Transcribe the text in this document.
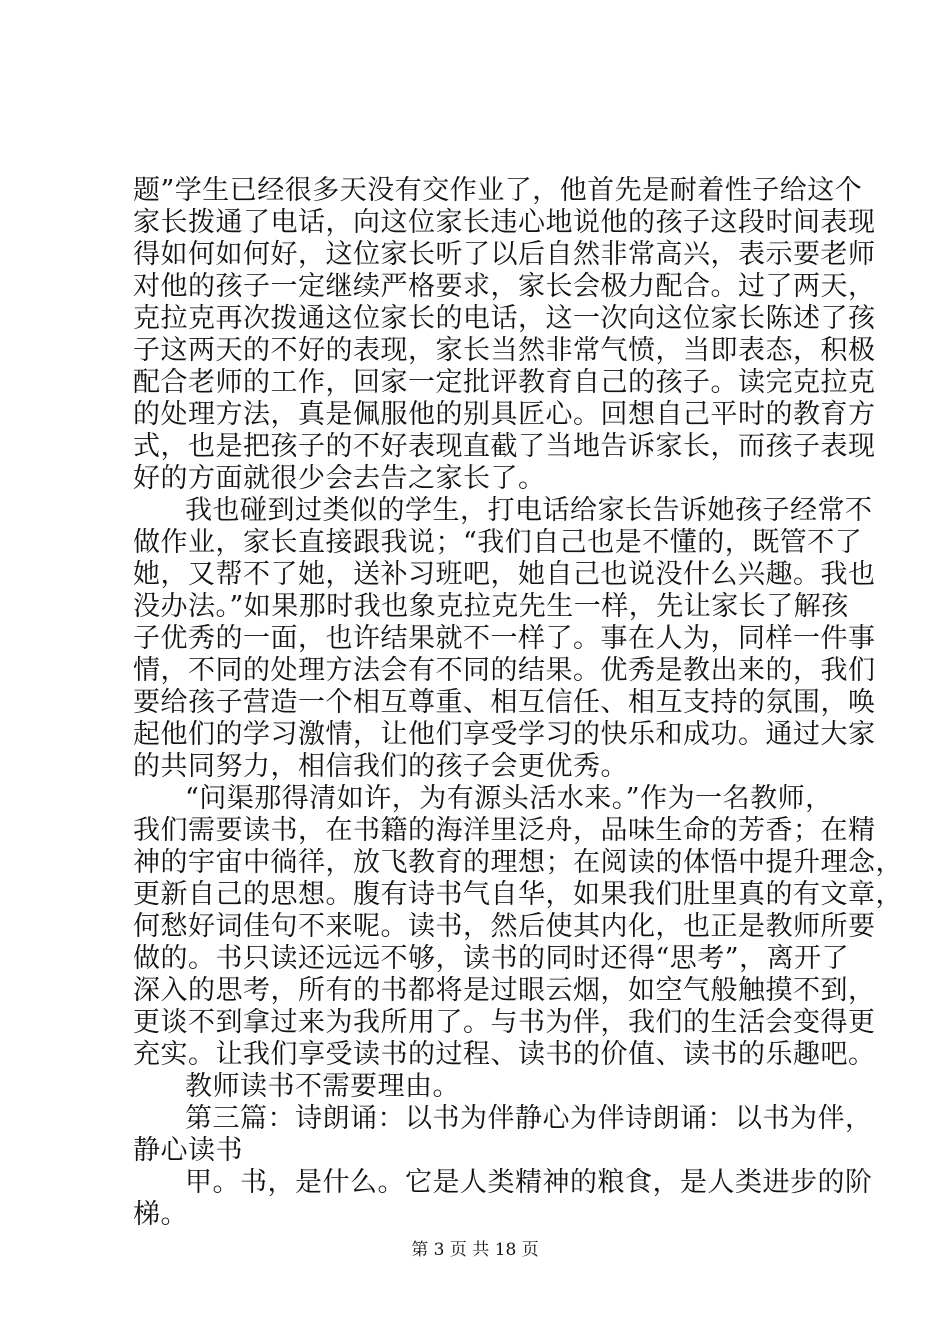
题”学生已经很多天没有交作业了，他首先是耐着性子给这个
家长拨通了电话，向这位家长违心地说他的孩子这段时间表现
得如何如何好，这位家长听了以后自然非常高兴，表示要老师
对他的孩子一定继续严格要求，家长会极力配合。过了两天，
克拉克再次拨通这位家长的电话，这一次向这位家长陈述了孩
子这两天的不好的表现，家长当然非常气愤，当即表态，积极
配合老师的工作，回家一定批评教育自己的孩子。读完克拉克
的处理方法，真是佩服他的别具匠心。回想自己平时的教育方
式，也是把孩子的不好表现直截了当地告诉家长，而孩子表现
好的方面就很少会去告之家长了。
我也碰到过类似的学生，打电话给家长告诉她孩子经常不
做作业，家长直接跟我说；“我们自己也是不懂的，既管不了
她，又帮不了她，送补习班吧，她自己也说没什么兴趣。我也
没办法。”如果那时我也象克拉克先生一样，先让家长了解孩
子优秀的一面，也许结果就不一样了。事在人为，同样一件事
情，不同的处理方法会有不同的结果。优秀是教出来的，我们
要给孩子营造一个相互尊重、相互信任、相互支持的氛围，唤
起他们的学习激情，让他们享受学习的快乐和成功。通过大家
的共同努力，相信我们的孩子会更优秀。
“问渠那得清如许，为有源头活水来。”作为一名教师，
我们需要读书，在书籍的海洋里泛舟，品味生命的芳香；在精
神的宇宙中徜徉，放飞教育的理想；在阅读的体悟中提升理念，
更新自己的思想。腹有诗书气自华，如果我们肚里真的有文章，
何愁好词佳句不来呢。读书，然后使其内化，也正是教师所要
做的。书只读还远远不够，读书的同时还得“思考”，离开了
深入的思考，所有的书都将是过眼云烟，如空气般触摸不到，
更谈不到拿过来为我所用了。与书为伴，我们的生活会变得更
充实。让我们享受读书的过程、读书的价值、读书的乐趣吧。
教师读书不需要理由。
第三篇：诗朗诵：以书为伴静心为伴诗朗诵：以书为伴，
静心读书
甲。书，是什么。它是人类精神的粮食，是人类进步的阶
梯。
第 3 页 共 18 页
